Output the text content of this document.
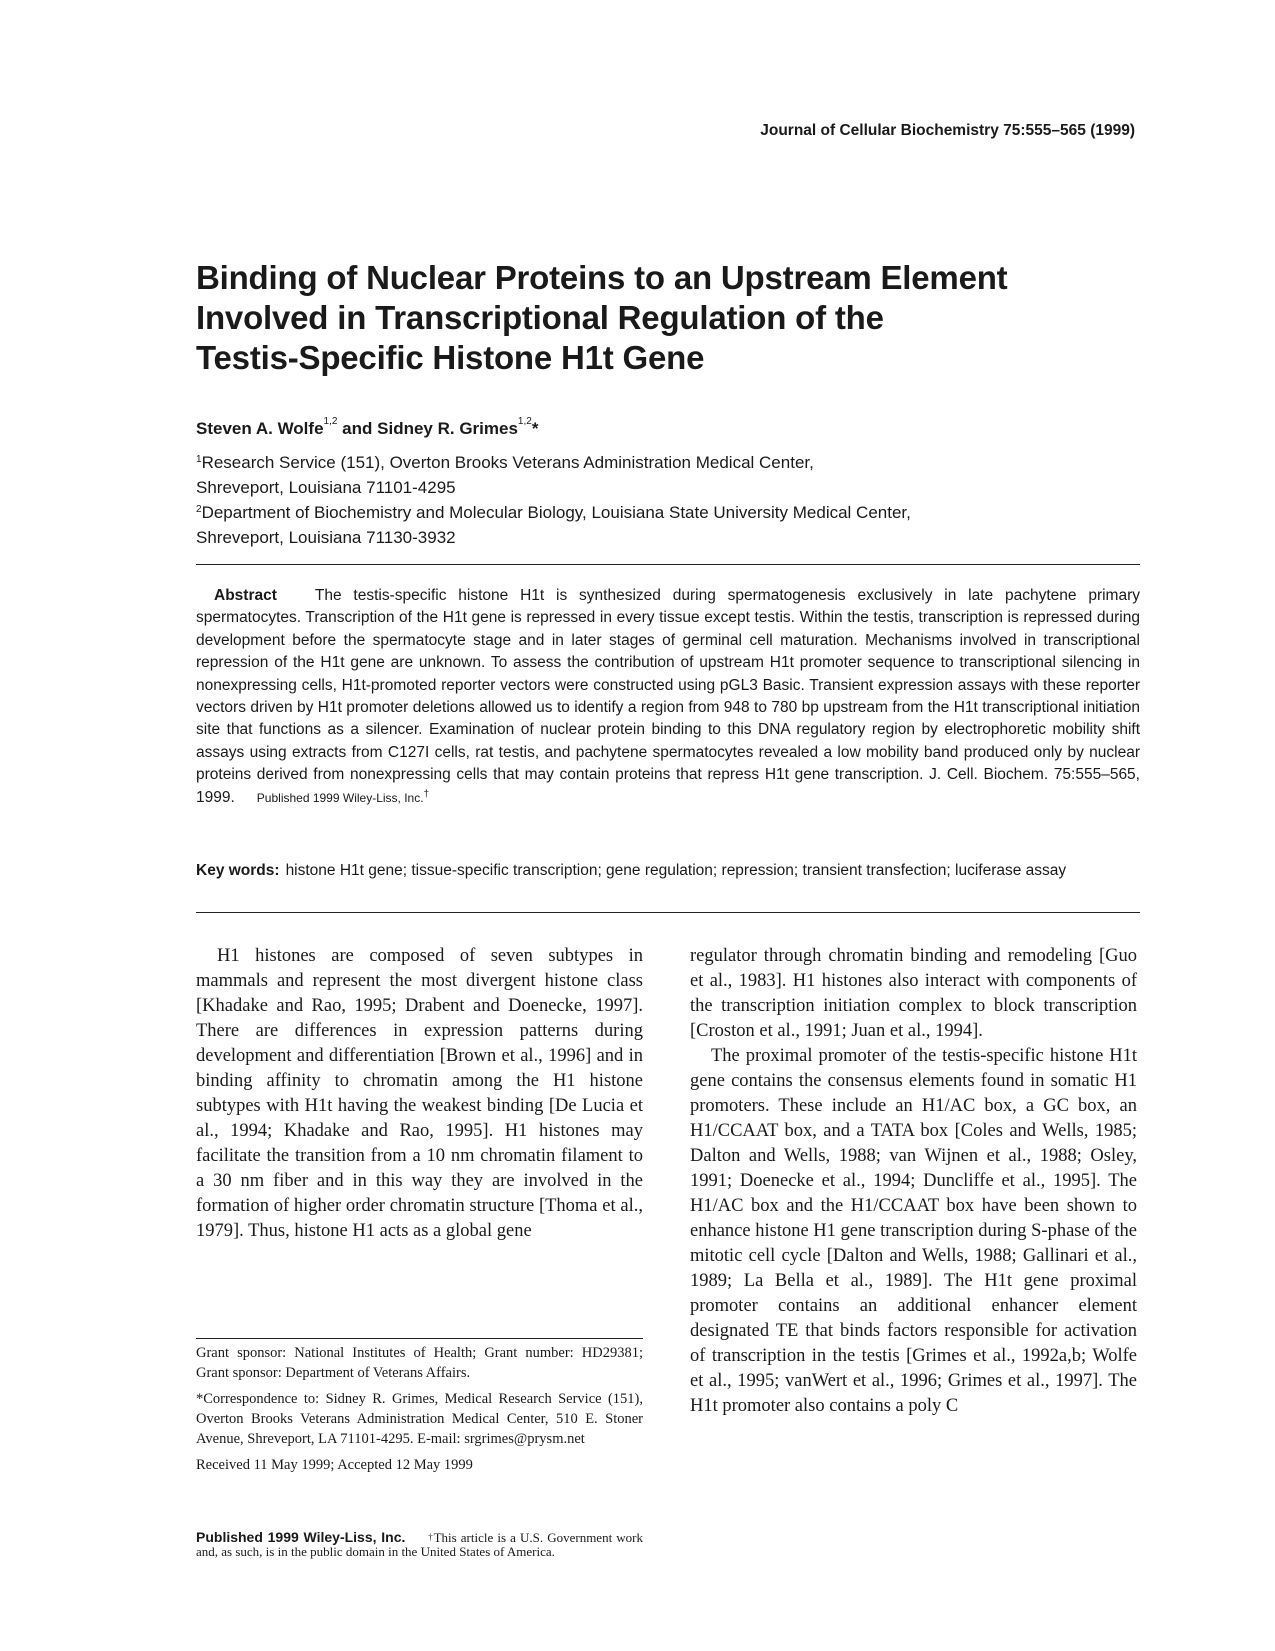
Journal of Cellular Biochemistry 75:555–565 (1999)
Binding of Nuclear Proteins to an Upstream Element
Involved in Transcriptional Regulation of the
Testis-Specific Histone H1t Gene
Steven A. Wolfe$^{1,2}$ and Sidney R. Grimes$^{1,2}$*
$^1$Research Service (151), Overton Brooks Veterans Administration Medical Center,
Shreveport, Louisiana 71101-4295
$^2$Department of Biochemistry and Molecular Biology, Louisiana State University Medical Center,
Shreveport, Louisiana 71130-3932

Abstract The testis-specific histone H1t is synthesized during spermatogenesis exclusively in late pachytene primary spermatocytes. Transcription of the H1t gene is repressed in every tissue except testis. Within the testis, transcription is repressed during development before the spermatocyte stage and in later stages of germinal cell maturation. Mechanisms involved in transcriptional repression of the H1t gene are unknown. To assess the contribution of upstream H1t promoter sequence to transcriptional silencing in nonexpressing cells, H1t-promoted reporter vectors were constructed using pGL3 Basic. Transient expression assays with these reporter vectors driven by H1t promoter deletions allowed us to identify a region from 948 to 780 bp upstream from the H1t transcriptional initiation site that functions as a silencer. Examination of nuclear protein binding to this DNA regulatory region by electrophoretic mobility shift assays using extracts from C127I cells, rat testis, and pachytene spermatocytes revealed a low mobility band produced only by nuclear proteins derived from nonexpressing cells that may contain proteins that repress H1t gene transcription. J. Cell. Biochem. 75:555–565, 1999. Published 1999 Wiley-Liss, Inc.†

Key words: histone H1t gene; tissue-specific transcription; gene regulation; repression; transient transfection; luciferase assay

H1 histones are composed of seven subtypes in mammals and represent the most divergent histone class [Khadake and Rao, 1995; Drabent and Doenecke, 1997]. There are differences in expression patterns during development and differentiation [Brown et al., 1996] and in binding affinity to chromatin among the H1 histone subtypes with H1t having the weakest binding [De Lucia et al., 1994; Khadake and Rao, 1995]. H1 histones may facilitate the transition from a 10 nm chromatin filament to a 30 nm fiber and in this way they are involved in the formation of higher order chromatin structure [Thoma et al., 1979]. Thus, histone H1 acts as a global gene

regulator through chromatin binding and remodeling [Guo et al., 1983]. H1 histones also interact with components of the transcription initiation complex to block transcription [Croston et al., 1991; Juan et al., 1994].

The proximal promoter of the testis-specific histone H1t gene contains the consensus elements found in somatic H1 promoters. These include an H1/AC box, a GC box, an H1/CCAAT box, and a TATA box [Coles and Wells, 1985; Dalton and Wells, 1988; van Wijnen et al., 1988; Osley, 1991; Doenecke et al., 1994; Duncliffe et al., 1995]. The H1/AC box and the H1/CCAAT box have been shown to enhance histone H1 gene transcription during S-phase of the mitotic cell cycle [Dalton and Wells, 1988; Gallinari et al., 1989; La Bella et al., 1989]. The H1t gene proximal promoter contains an additional enhancer element designated TE that binds factors responsible for activation of transcription in the testis [Grimes et al., 1992a,b; Wolfe et al., 1995; vanWert et al., 1996; Grimes et al., 1997]. The H1t promoter also contains a poly C

Grant sponsor: National Institutes of Health; Grant number: HD29381; Grant sponsor: Department of Veterans Affairs.

*Correspondence to: Sidney R. Grimes, Medical Research Service (151), Overton Brooks Veterans Administration Medical Center, 510 E. Stoner Avenue, Shreveport, LA 71101-4295. E-mail: srgrimes@prysm.net

Received 11 May 1999; Accepted 12 May 1999

Published 1999 Wiley-Liss, Inc. †This article is a U.S. Government work and, as such, is in the public domain in the United States of America.
